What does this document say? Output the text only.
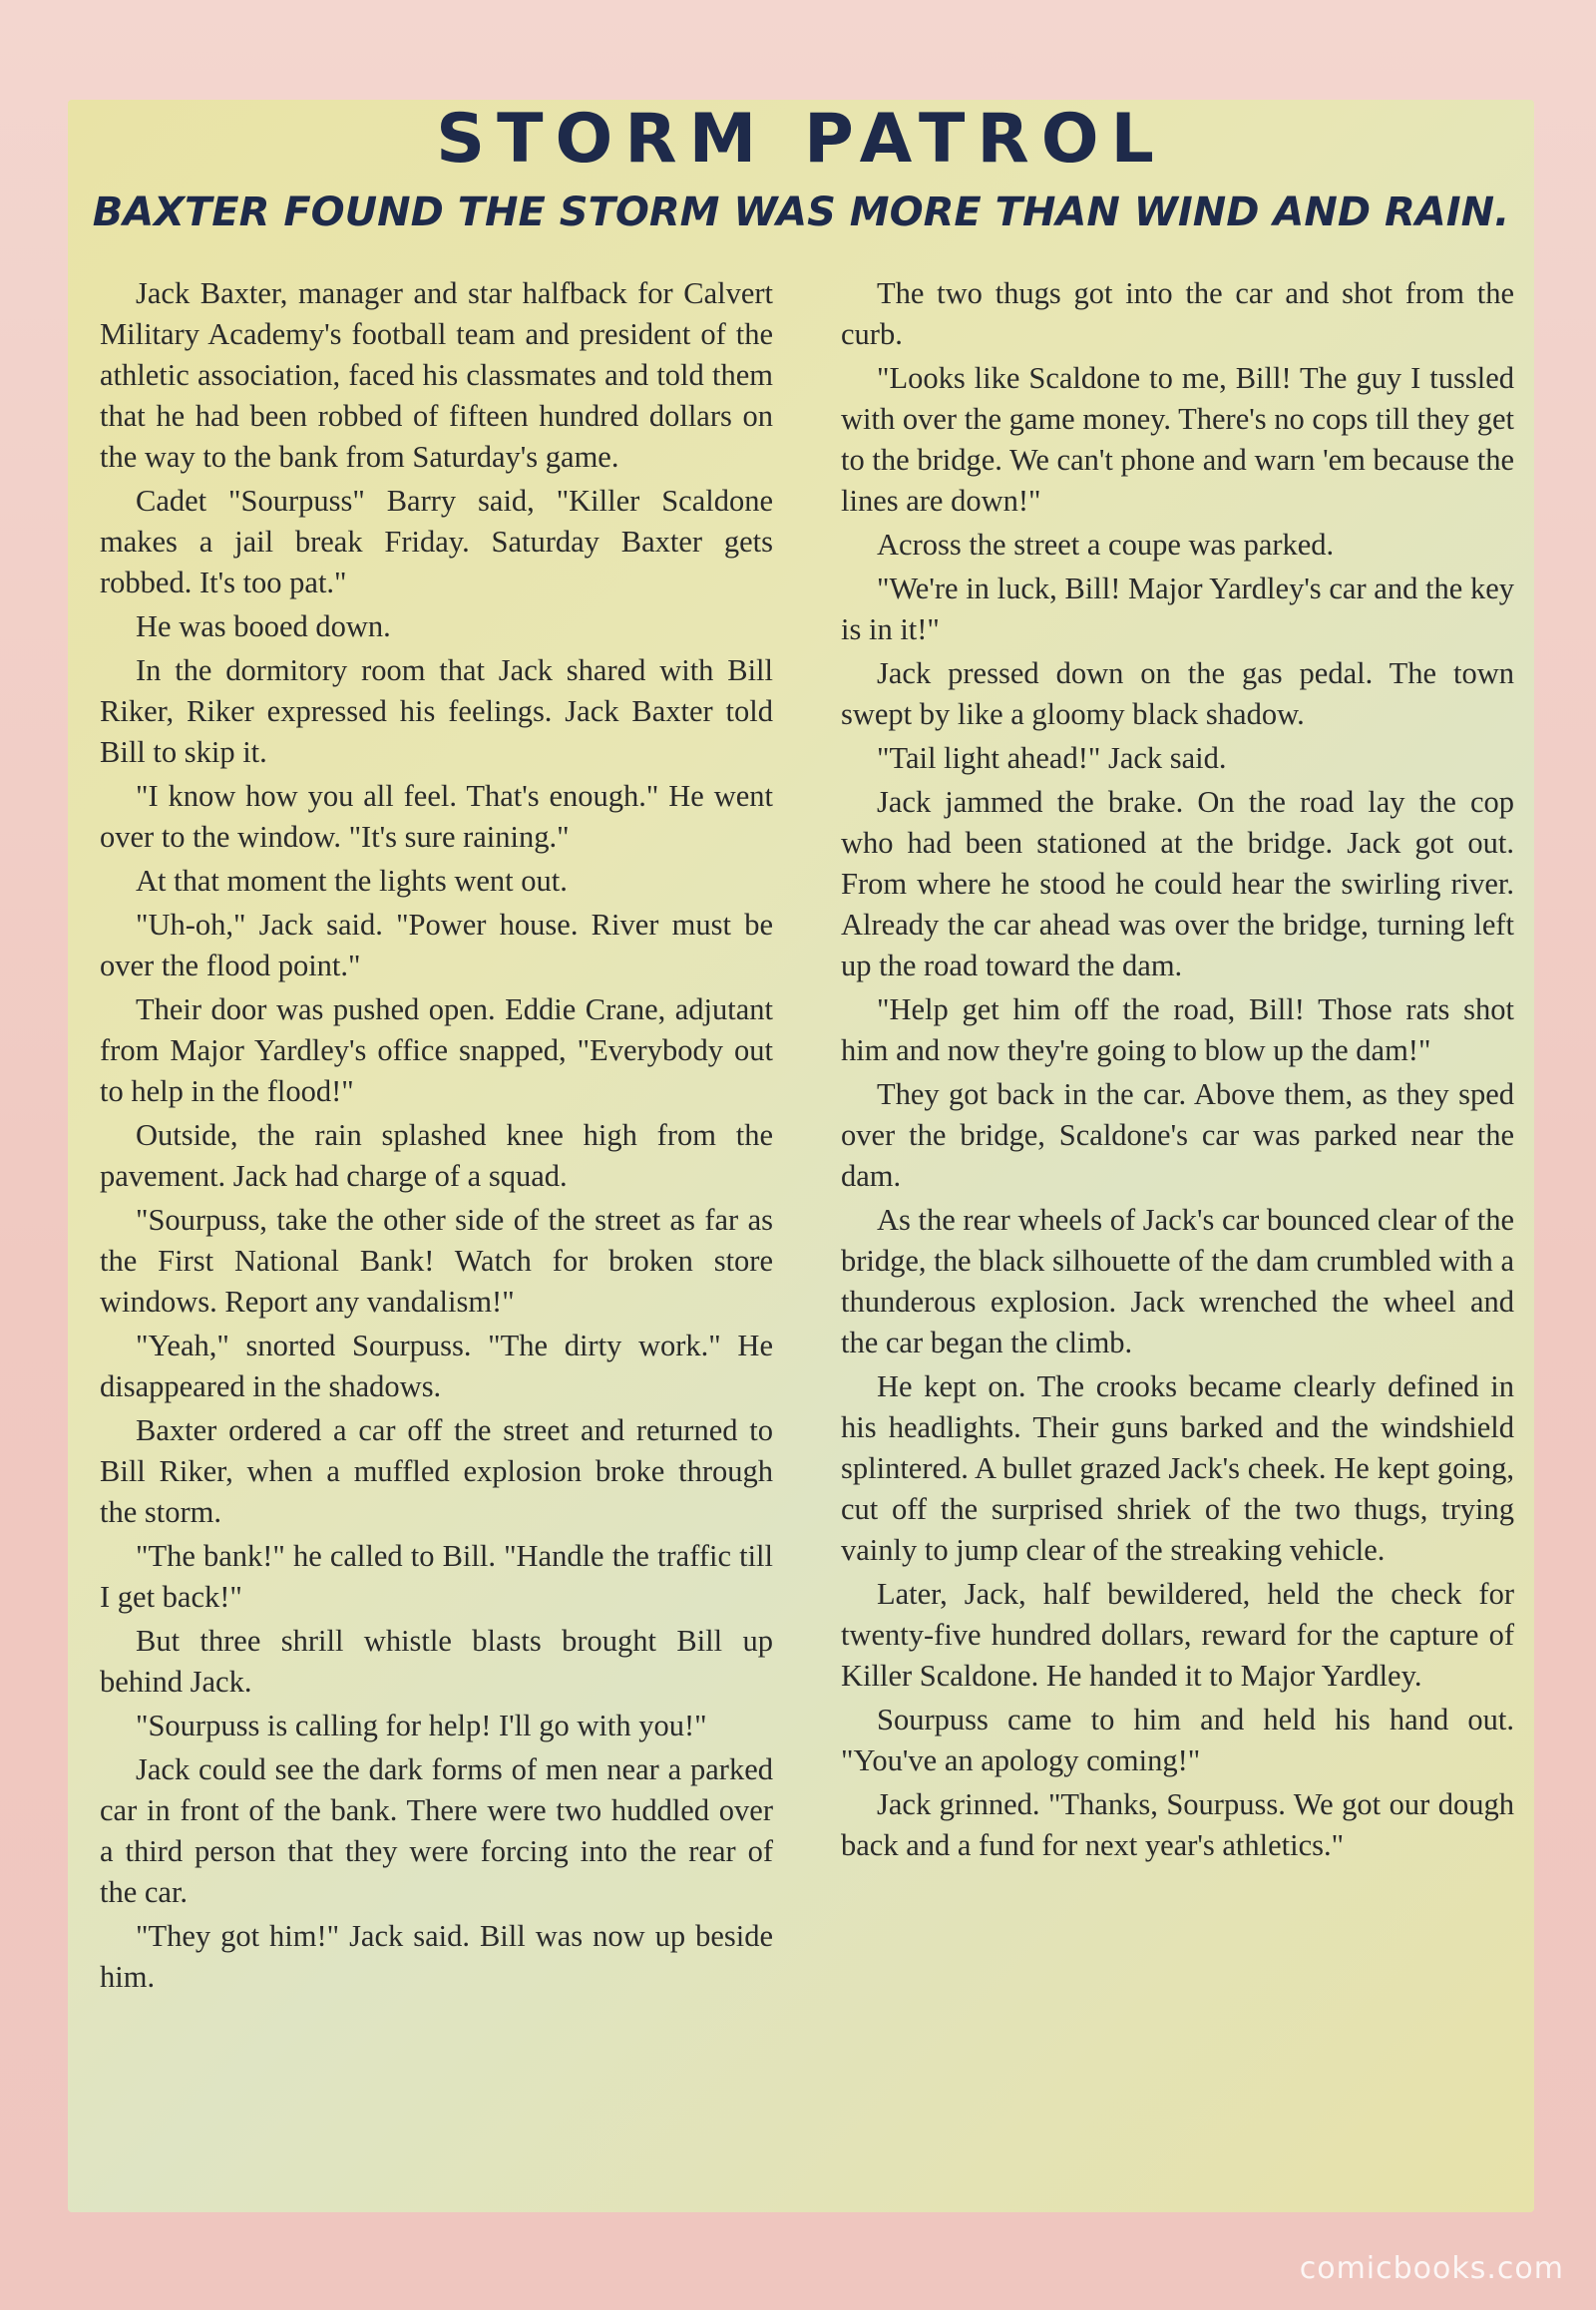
STORM PATROL
BAXTER FOUND THE STORM WAS MORE THAN WIND AND RAIN.

Jack Baxter, manager and star halfback for Calvert Military Academy's football team and president of the athletic association, faced his classmates and told them that he had been robbed of fifteen hundred dollars on the way to the bank from Saturday's game.

Cadet "Sourpuss" Barry said, "Killer Scaldone makes a jail break Friday. Saturday Baxter gets robbed. It's too pat."

He was booed down.

In the dormitory room that Jack shared with Bill Riker, Riker expressed his feelings. Jack Baxter told Bill to skip it.

"I know how you all feel. That's enough." He went over to the window. "It's sure raining."

At that moment the lights went out.

"Uh-oh," Jack said. "Power house. River must be over the flood point."

Their door was pushed open. Eddie Crane, adjutant from Major Yardley's office snapped, "Everybody out to help in the flood!"

Outside, the rain splashed knee high from the pavement. Jack had charge of a squad.

"Sourpuss, take the other side of the street as far as the First National Bank! Watch for broken store windows. Report any vandalism!"

"Yeah," snorted Sourpuss. "The dirty work." He disappeared in the shadows.

Baxter ordered a car off the street and returned to Bill Riker, when a muffled explosion broke through the storm.

"The bank!" he called to Bill. "Handle the traffic till I get back!"

But three shrill whistle blasts brought Bill up behind Jack.

"Sourpuss is calling for help! I'll go with you!"

Jack could see the dark forms of men near a parked car in front of the bank. There were two huddled over a third person that they were forcing into the rear of the car.

"They got him!" Jack said. Bill was now up beside him.

The two thugs got into the car and shot from the curb.

"Looks like Scaldone to me, Bill! The guy I tussled with over the game money. There's no cops till they get to the bridge. We can't phone and warn 'em because the lines are down!"

Across the street a coupe was parked.

"We're in luck, Bill! Major Yardley's car and the key is in it!"

Jack pressed down on the gas pedal. The town swept by like a gloomy black shadow.

"Tail light ahead!" Jack said.

Jack jammed the brake. On the road lay the cop who had been stationed at the bridge. Jack got out. From where he stood he could hear the swirling river. Already the car ahead was over the bridge, turning left up the road toward the dam.

"Help get him off the road, Bill! Those rats shot him and now they're going to blow up the dam!"

They got back in the car. Above them, as they sped over the bridge, Scaldone's car was parked near the dam.

As the rear wheels of Jack's car bounced clear of the bridge, the black silhouette of the dam crumbled with a thunderous explosion. Jack wrenched the wheel and the car began the climb.

He kept on. The crooks became clearly defined in his headlights. Their guns barked and the windshield splintered. A bullet grazed Jack's cheek. He kept going, cut off the surprised shriek of the two thugs, trying vainly to jump clear of the streaking vehicle.

Later, Jack, half bewildered, held the check for twenty-five hundred dollars, reward for the capture of Killer Scaldone. He handed it to Major Yardley.

Sourpuss came to him and held his hand out. "You've an apology coming!"

Jack grinned. "Thanks, Sourpuss. We got our dough back and a fund for next year's athletics."

comicbooks.com
